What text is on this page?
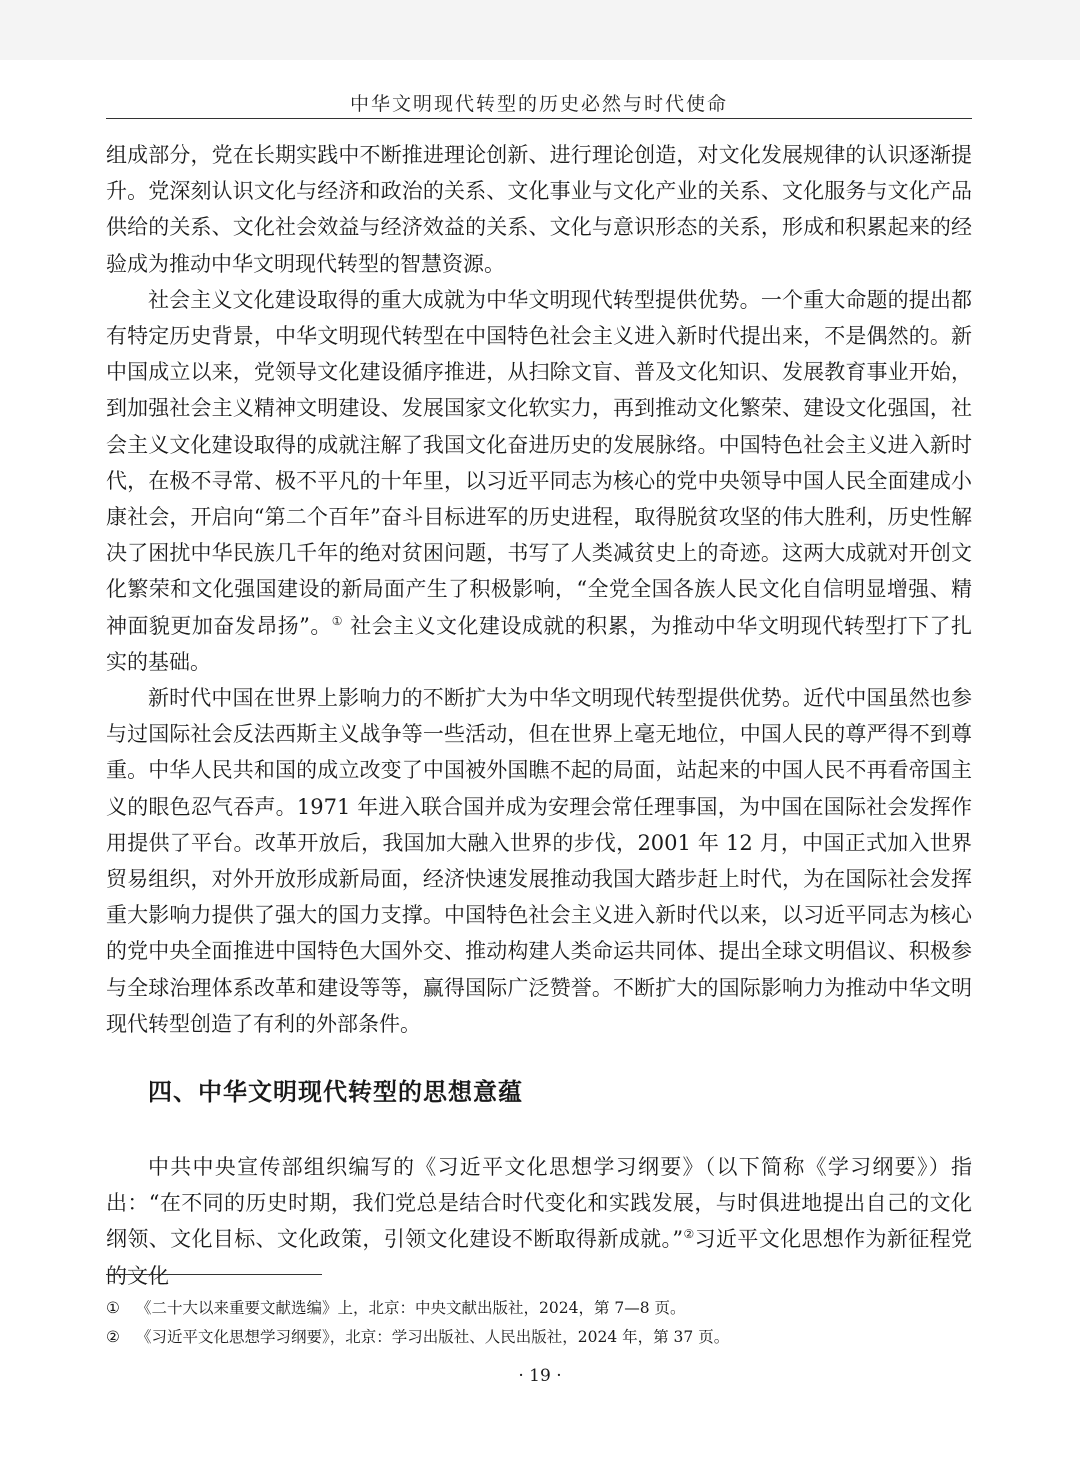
中华文明现代转型的历史必然与时代使命

组成部分，党在长期实践中不断推进理论创新、进行理论创造，对文化发展规律的认识逐渐提升。党深刻认识文化与经济和政治的关系、文化事业与文化产业的关系、文化服务与文化产品供给的关系、文化社会效益与经济效益的关系、文化与意识形态的关系，形成和积累起来的经验成为推动中华文明现代转型的智慧资源。

社会主义文化建设取得的重大成就为中华文明现代转型提供优势。一个重大命题的提出都有特定历史背景，中华文明现代转型在中国特色社会主义进入新时代提出来，不是偶然的。新中国成立以来，党领导文化建设循序推进，从扫除文盲、普及文化知识、发展教育事业开始，到加强社会主义精神文明建设、发展国家文化软实力，再到推动文化繁荣、建设文化强国，社会主义文化建设取得的成就注解了我国文化奋进历史的发展脉络。中国特色社会主义进入新时代，在极不寻常、极不平凡的十年里，以习近平同志为核心的党中央领导中国人民全面建成小康社会，开启向“第二个百年”奋斗目标进军的历史进程，取得脱贫攻坚的伟大胜利，历史性解决了困扰中华民族几千年的绝对贫困问题，书写了人类减贫史上的奇迹。这两大成就对开创文化繁荣和文化强国建设的新局面产生了积极影响，“全党全国各族人民文化自信明显增强、精神面貌更加奋发昂扬”。① 社会主义文化建设成就的积累，为推动中华文明现代转型打下了扎实的基础。

新时代中国在世界上影响力的不断扩大为中华文明现代转型提供优势。近代中国虽然也参与过国际社会反法西斯主义战争等一些活动，但在世界上毫无地位，中国人民的尊严得不到尊重。中华人民共和国的成立改变了中国被外国瞧不起的局面，站起来的中国人民不再看帝国主义的眼色忍气吞声。1971 年进入联合国并成为安理会常任理事国，为中国在国际社会发挥作用提供了平台。改革开放后，我国加大融入世界的步伐，2001 年 12 月，中国正式加入世界贸易组织，对外开放形成新局面，经济快速发展推动我国大踏步赶上时代，为在国际社会发挥重大影响力提供了强大的国力支撑。中国特色社会主义进入新时代以来，以习近平同志为核心的党中央全面推进中国特色大国外交、推动构建人类命运共同体、提出全球文明倡议、积极参与全球治理体系改革和建设等等，赢得国际广泛赞誉。不断扩大的国际影响力为推动中华文明现代转型创造了有利的外部条件。

四、中华文明现代转型的思想意蕴

中共中央宣传部组织编写的《习近平文化思想学习纲要》（以下简称《学习纲要》）指出：“在不同的历史时期，我们党总是结合时代变化和实践发展，与时俱进地提出自己的文化纲领、文化目标、文化政策，引领文化建设不断取得新成就。”②习近平文化思想作为新征程党的文化

①	《二十大以来重要文献选编》上，北京：中央文献出版社，2024，第 7—8 页。
②	《习近平文化思想学习纲要》，北京：学习出版社、人民出版社，2024 年，第 37 页。
· 19 ·
